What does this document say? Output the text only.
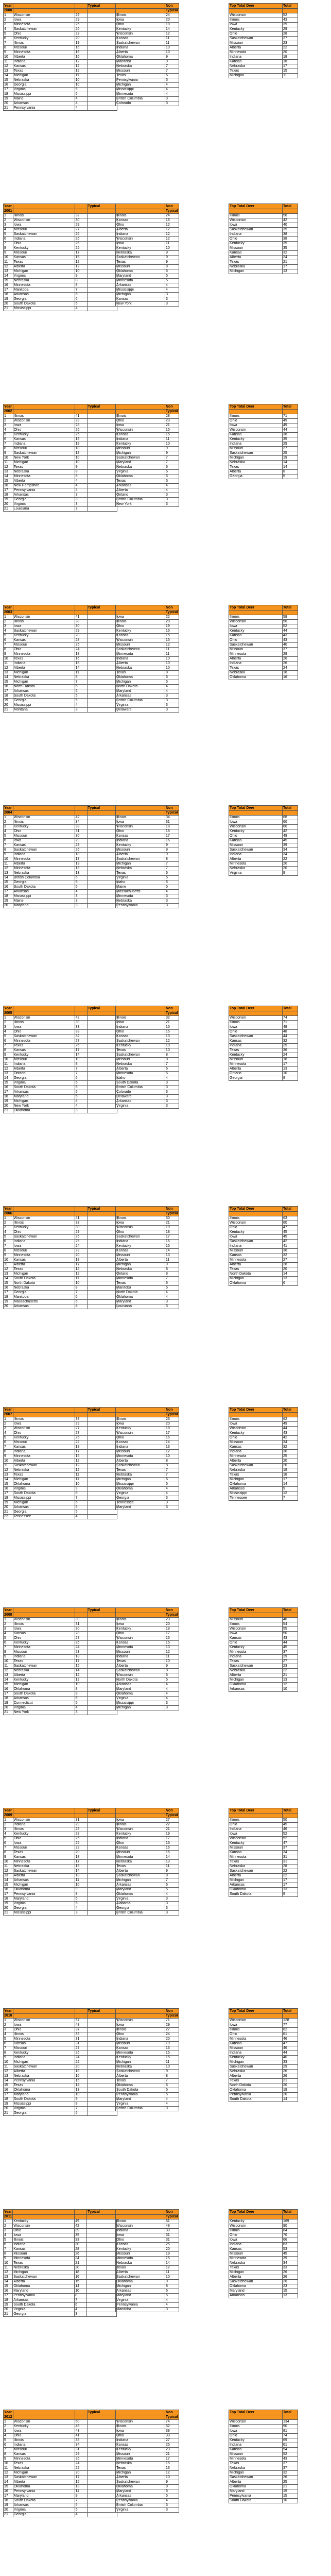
Year			Typical
2000			
1	Wisconsin	29	
2	Iowa	29	
3	Minnesota	26	
4	Saskatchewan	26	
5	Ohio	23	
6	Kentucky	20	
7	Illinois	19	
8	Missouri	16	
9	Minnesota	16	
10	Alberta	16	
11	Indiana	12	
12	Kansas	12	
13	Texas	12	
14	Michigan	11	
15	Nebraska	10	
16	Georgia	10	
17	Virginia	6	
18	Mississippi	6	
19	Maine	4	
20	Arkansas	4	
21	Pennsylvania	4	
	Non
	Typical
Illinois	24
Iowa	20
Ohio	18
Kentucky	14
Wisconsin	12
Kansas	11
Saskatchewan	11
Indiana	10
Alberta	10
Oklahoma	9
Manitoba	9
Nebraska	7
Missouri	7
Texas	6
Pennsylvania	5
Michigan	4
Mississippi	4
Minnesota	4
British Columbia	3
Colorado	3
Top Total Deer	Total

Wisconsin	52
Illinois	43
Iowa	39
Kentucky	29
Ohio	28
Saskatchewan	27
Missouri	23
Alberta	22
Minnesota	20
Indiana	18
Kansas	18
Nebraska	17
Texas	15
Michigan	11
Year			Typical
2001			
1	Illinois	32	
2	Wisconsin	30	
3	Iowa	29	
4	Missouri	27	
5	Saskatchewan	26	
6	Indiana	26	
7	Ohio	26	
8	Kentucky	25	
9	Missouri	17	
10	Kansas	16	
11	Texas	12	
12	Alberta	12	
13	Michigan	10	
14	Virginia	9	
15	Nebraska	8	
16	Minnesota	8	
17	Manitoba	7	
18	Arkansas	6	
19	Georgia	6	
20	South Dakota	6	
21	Mississippi	4	
	Non
	Typical
Illinois	24
Kansas	16
Ohio	12
Alberta	12
Indiana	12
Wisconsin	12
Iowa	11
Kentucky	10
Nebraska	9
Saskatchewan	9
Texas	9
Missouri	8
Oklahoma	6
Maryland	5
Minnesota	5
Arkansas	4
Mississippi	4
Michigan	3
Kansas	3
New York	3
Top Total Deer	Total

Illinois	56
Wisconsin	42
Iowa	40
Saskatchewan	35
Indiana	38
Ohio	38
Kentucky	35
Missouri	35
Kansas	32
Alberta	24
Texas	21
Nebraska	17
Michigan	13
Year			Typical
2002			
1	Illinois	41	
2	Wisconsin	29	
3	Iowa	28	
4	Ohio	26	
5	Kentucky	25	
6	Kansas	19	
7	Indiana	18	
8	Missouri	18	
9	Saskatchewan	18	
10	New York	10	
11	Michigan	10	
12	Texas	9	
13	Nebraska	8	
14	Minnesota	8	
15	Alberta	4	
16	New Hampshire	4	
17	Pennsylvania	4	
18	Arkansas	3	
19	Georgia	3	
20	Virginia	3	
21	Louisiana	3	
	Non
	Typical
Illinois	28
Ohio	23
Iowa	21
Wisconsin	15
Kansas	15
Indiana	11
Kentucky	10
Missouri	9
Michigan	9
Saskatchewan	7
Maryland	7
Nebraska	6
Virginia	5
Oklahoma	5
Texas	5
Arkansas	4
Alberta	4
Ontario	3
British Columbia	3
New York	3
Top Total Deer	Total

Illinois	71
Ohio	49
Iowa	49
Wisconsin	44
Kansas	38
Kentucky	35
Indiana	29
Missouri	27
Saskatchewan	25
Michigan	19
Nebraska	14
Texas	14
Alberta	8
Georgia	5
Year			Typical
2003			
1	Wisconsin	41	
2	Illinois	38	
3	Iowa	30	
4	Saskatchewan	29	
5	Kentucky	28	
6	Kansas	28	
7	Missouri	25	
8	Ohio	24	
9	Minnesota	18	
10	Texas	16	
11	Indiana	16	
12	Alberta	14	
13	Michigan	11	
14	Nebraska	8	
15	Michigan	7	
16	North Dakota	6	
17	Arkansas	6	
18	South Dakota	5	
19	Georgia	5	
20	Mississippi	4	
21	Montana	3	
	Non
	Typical
Iowa	22
Illinois	20
Ohio	19
Kentucky	16
Kansas	15
Wisconsin	15
Missouri	12
Saskatchewan	11
Minnesota	11
Indiana	10
Alberta	10
Nebraska	10
Texas	8
Oklahoma	6
Michigan	5
North Dakota	4
Maryland	4
Arkansas	3
British Columbia	3
Virginia	3
Delaware	3
Top Total Deer	Total

Illinois	58
Wisconsin	56
Iowa	52
Kentucky	44
Kansas	43
Ohio	43
Saskatchewan	40
Missouri	37
Minnesota	29
Alberta	26
Indiana	26
Texas	24
Nebraska	18
Oklahoma	16
Year			Typical
2004			
1	Wisconsin	42	
2	Illinois	34	
3	Kentucky	33	
4	Ohio	31	
5	Missouri	30	
6	Iowa	29	
7	Kansas	28	
8	Saskatchewan	26	
9	Indiana	18	
10	Minnesota	17	
11	Alberta	13	
12	Minnesota	13	
13	Nebraska	13	
14	British Columbia	6	
15	Georgia	5	
16	South Dakota	5	
17	Arkansas	4	
18	Mississippi	3	
19	Maine	3	
20	Maryland	3	
	Non
	Typical
Illinois	34
Iowa	31
Wisconsin	18
Ohio	18
Kansas	17
Indiana	16
Kentucky	9
Missouri	9
Alberta	9
Saskatchewan	8
Michigan	7
Nebraska	7
Texas	6
Virginia	5
Idaho	5
Maine	5
Massachusetts	4
Minnesota	3
Nebraska	3
Pennsylvania	3
Top Total Deer	Total

Illinois	68
Iowa	60
Wisconsin	60
Kentucky	42
Ohio	49
Kansas	45
Missouri	39
Saskatchewan	34
Indiana	34
Alberta	22
Minnesota	20
Nebraska	20
Virginia	9
Year			Typical
2005			
1	Wisconsin	42	
2	Illinois	39	
3	Iowa	33	
4	Ohio	33	
5	Saskatchewan	32	
6	Minnesota	27	
7	Texas	26	
8	Kansas	17	
9	Kentucky	14	
10	Missouri	10	
11	Indiana	8	
12	Alberta	7	
13	Ontario	7	
14	Georgia	6	
15	Virginia	6	
16	South Dakota	5	
17	Arkansas	5	
18	Maryland	5	
19	Michigan	4	
20	New York	4	
21	Oklahoma	3	
	Non
	Typical
Illinois	32
Iowa	21
Indiana	15
Ohio	15
Kansas	13
Saskatchewan	12
Kentucky	10
Texas	10
Saskatchewan	8
Missouri	8
Nebraska	7
Alberta	6
Minnesota	5
Idaho	4
South Dakota	3
British Columbia	3
Colorado	3
Delaware	3
Arkansas	3
Virginia	3
Top Total Deer	Total

Wisconsin	74
Illinois	71
Iowa	48
Ohio	48
Saskatchewan	44
Kansas	32
Indiana	25
Texas	36
Kentucky	24
Missouri	18
Minnesota	17
Alberta	13
Ontario	10
Georgia	8
Year			Typical
2006			
1	Wisconsin	41	
2	Illinois	33	
3	Kentucky	30	
4	Ohio	29	
5	Saskatchewan	25	
6	Indiana	25	
7	Iowa	24	
8	Missouri	23	
9	Minnesota	20	
10	Kansas	18	
11	Alberta	17	
12	Texas	14	
13	Michigan	12	
14	South Dakota	11	
15	North Dakota	10	
16	Nebraska	8	
17	Georgia	7	
18	Manitoba	6	
19	Massachusetts	5	
20	Arkansas	4	
	Non
	Typical
Illinois	30
Iowa	21
Wisconsin	19
Ohio	18
Saskatchewan	17
Indiana	16
Kentucky	15
Kansas	14
Missouri	13
Alberta	11
Michigan	9
Nebraska	8
Ontario	8
Minnesota	7
Texas	6
Manitoba	5
North Dakota	4
Oklahoma	4
Maryland	3
Louisiana	3
Top Total Deer	Total

Illinois	63
Wisconsin	60
Ohio	47
Kentucky	45
Iowa	45
Saskatchewan	42
Indiana	41
Missouri	36
Kansas	32
Minnesota	27
Alberta	28
Texas	20
North Dakota	14
Michigan	13
Oklahoma	6
Year			Typical
2007			
1	Illinois	39	
2	Iowa	29	
3	Wisconsin	27	
4	Ohio	27	
5	Kentucky	25	
6	Missouri	22	
7	Kansas	18	
8	Indiana	17	
9	Minnesota	15	
10	Alberta	12	
11	Saskatchewan	12	
12	Nebraska	12	
13	Texas	11	
14	Michigan	11	
15	Oklahoma	10	
16	Virginia	9	
17	South Dakota	8	
18	Mississippi	7	
19	Michigan	6	
20	Arkansas	6	
21	Georgia	5	
22	Tennessee	4	
	Non
	Typical
Illinois	23
Iowa	20
Kentucky	18
Wisconsin	17
Ohio	15
Kansas	14
Indiana	13
Missouri	12
Minnesota	10
Alberta	8
Saskatchewan	8
Texas	7
Nebraska	7
Michigan	6
Mississippi	5
Oklahoma	4
Virginia	4
Georgia	3
Tennessee	3
Maryland	3
Top Total Deer	Total

Illinois	62
Iowa	49
Wisconsin	44
Kentucky	43
Ohio	42
Missouri	34
Kansas	32
Indiana	30
Minnesota	25
Alberta	20
Saskatchewan	20
Nebraska	19
Texas	18
Michigan	17
Oklahoma	14
Arkansas	9
Mississippi	12
Tennessee	7
Year			Typical
2008			
1	Wisconsin	39	
2	Illinois	31	
3	Iowa	30	
4	Kansas	28	
5	Ohio	27	
6	Kentucky	26	
7	Minnesota	24	
8	Missouri	23	
9	Indiana	18	
10	Texas	17	
11	Saskatchewan	15	
12	Nebraska	14	
13	Alberta	12	
14	Kentucky	12	
15	Michigan	10	
16	Oklahoma	8	
17	South Dakota	8	
18	Arkansas	6	
19	Connecticut	5	
20	Virginia	4	
21	New York	3	
	Non
	Typical
Illinois	23
Iowa	20
Kentucky	19
Ohio	17
Wisconsin	16
Kansas	15
Minnesota	13
Missouri	12
Indiana	11
Texas	10
Alberta	9
Saskatchewan	8
Wisconsin	6
North Dakota	5
Arkansas	4
Maryland	4
Oklahoma	4
Virginia	4
Mississippi	3
Michigan	3
Top Total Deer	Total

Missouri	46
Illinois	54
Wisconsin	55
Iowa	50
Kansas	43
Ohio	44
Kentucky	45
Minnesota	37
Indiana	29
Texas	27
Saskatchewan	23
Nebraska	22
Alberta	21
Michigan	13
Oklahoma	12
Arkansas	10
Year			Typical
2009			
1	Wisconsin	31	
2	Indiana	29	
3	Illinois	28	
4	Kentucky	28	
5	Ohio	26	
6	Iowa	25	
7	Missouri	22	
8	Texas	20	
9	Kansas	18	
10	Minnesota	17	
11	Nebraska	15	
12	Saskatchewan	14	
13	Alberta	13	
14	Arkansas	11	
15	Michigan	10	
16	Oklahoma	9	
17	Pennsylvania	8	
18	Maryland	6	
19	Virginia	5	
20	Georgia	4	
21	Mississippi	3	
	Non
	Typical
Iowa	27
Illinois	22
Wisconsin	21
Kentucky	19
Indiana	17
Ohio	16
Kansas	16
Missouri	15
Minnesota	14
Nebraska	13
Texas	11
Alberta	9
Saskatchewan	8
Michigan	7
Arkansas	6
Maryland	5
Oklahoma	4
Virginia	3
Alabama	3
Georgia	3
British Columbia	3
Top Total Deer	Total

Illinois	50
Ohio	45
Indiana	46
Iowa	52
Wisconsin	52
Kentucky	47
Missouri	37
Kansas	34
Minnesota	31
Texas	31
Nebraska	28
Saskatchewan	22
Alberta	22
Michigan	17
Arkansas	17
Oklahoma	13
South Dakota	9
Year			Typical
2010			
1	Wisconsin	57	
2	Iowa	48	
3	Ohio	37	
4	Illinois	35	
5	Minnesota	31	
6	Kansas	31	
7	Missouri	27	
8	Kentucky	25	
9	Indiana	24	
10	Michigan	22	
11	Saskatchewan	20	
12	Alberta	18	
13	Nebraska	16	
14	Pennsylvania	15	
15	Texas	14	
16	Oklahoma	13	
17	Maryland	10	
18	South Dakota	9	
19	Mississippi	8	
20	Virginia	7	
21	Georgia	6	
	Non
	Typical
Wisconsin	71
Iowa	29
Illinois	27
Ohio	24
Indiana	20
Missouri	19
Kansas	16
Minnesota	15
Kentucky	15
Michigan	11
Nebraska	10
Saskatchewan	9
Alberta	8
Texas	7
Oklahoma	6
South Dakota	5
Pennsylvania	5
Maryland	4
Virginia	4
British Columbia	3
Top Total Deer	Total

Wisconsin	128
Iowa	77
Illinois	62
Ohio	61
Minnesota	46
Kansas	47
Missouri	46
Indiana	44
Kentucky	40
Michigan	33
Saskatchewan	29
Nebraska	26
Alberta	26
Texas	21
North Dakota	20
Oklahoma	19
Pennsylvania	20
South Dakota	14
Year			Typical
2011			
1	Kentucky	49	
2	Wisconsin	42	
3	Ohio	39	
4	Iowa	35	
5	Illinois	33	
6	Indiana	30	
7	Kansas	28	
8	Missouri	26	
9	Minnesota	24	
10	Texas	21	
11	Nebraska	20	
12	Michigan	18	
13	Saskatchewan	16	
14	Alberta	15	
15	Oklahoma	14	
16	Maryland	10	
17	Pennsylvania	8	
18	Arkansas	7	
19	South Dakota	6	
20	Virginia	4	
21	Georgia	3	
	Non
	Typical
Illinois	51
Wisconsin	48
Indiana	33
Iowa	31
Ohio	31
Kansas	25
Kentucky	20
Missouri	19
Minnesota	15
Nebraska	14
Texas	12
Alberta	11
Saskatchewan	10
Oklahoma	9
Michigan	8
Arkansas	6
Maryland	5
Virginia	4
Pennsylvania	4
Manitoba	3
Top Total Deer	Total

Kentucky	169
Wisconsin	90
Illinois	84
Ohio	70
Iowa	66
Indiana	63
Kansas	53
Missouri	45
Minnesota	39
Nebraska	34
Texas	33
Michigan	26
Alberta	26
Saskatchewan	26
Oklahoma	23
Maryland	15
Arkansas	13
Year			Typical
2012			
1	Wisconsin	60	
2	Kentucky	46	
3	Iowa	43	
4	Ohio	41	
5	Illinois	38	
6	Indiana	34	
7	Missouri	31	
8	Kansas	29	
9	Minnesota	26	
10	Texas	24	
11	Nebraska	22	
12	Michigan	20	
13	Saskatchewan	17	
14	Alberta	15	
15	Oklahoma	13	
16	Pennsylvania	11	
17	Maryland	9	
18	South Dakota	7	
19	Arkansas	6	
20	Virginia	5	
21	Georgia	4	
	Non
	Typical
Wisconsin	74
Illinois	52
Iowa	38
Ohio	33
Indiana	27
Kansas	25
Kentucky	23
Missouri	21
Minnesota	17
Nebraska	15
Texas	13
Michigan	12
Alberta	10
Saskatchewan	9
Oklahoma	8
Maryland	6
Arkansas	5
Pennsylvania	4
British Columbia	3
Virginia	3
Top Total Deer	Total

Wisconsin	134
Illinois	90
Iowa	81
Ohio	74
Kentucky	69
Indiana	61
Kansas	54
Missouri	52
Minnesota	43
Texas	37
Nebraska	37
Michigan	32
Saskatchewan	26
Alberta	25
Oklahoma	21
Maryland	15
Pennsylvania	15
South Dakota	10
